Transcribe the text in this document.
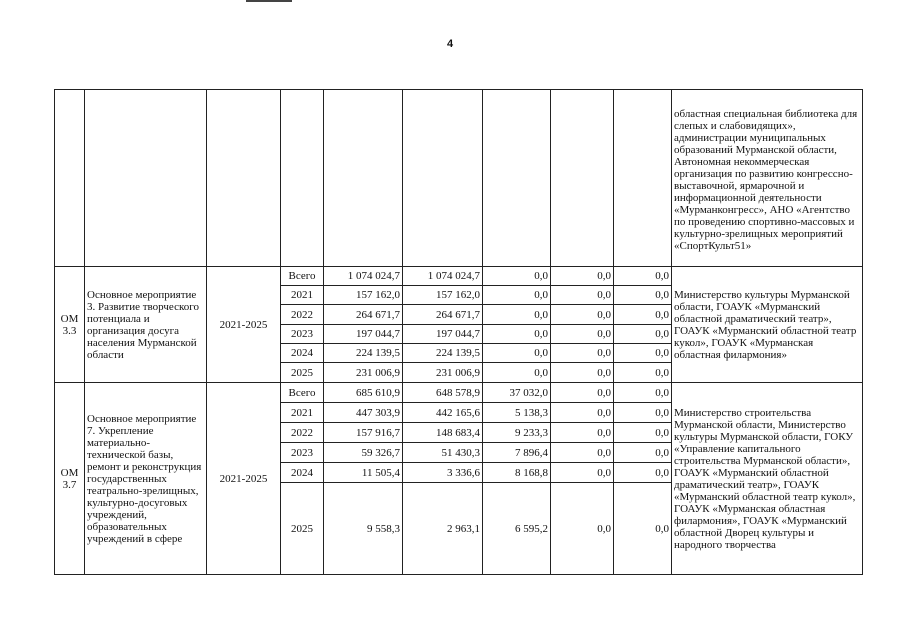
4
									областная специальная библиотека для слепых и слабовидящих», администрации муниципальных образований Мурманской области, Автономная некоммерческая организация по развитию конгрессно-выставочной, ярмарочной и информационной деятельности «Мурманконгресс», АНО «Агентство по проведению спортивно-массовых и культурно-зрелищных мероприятий «СпортКульт51»
ОМ 3.3	Основное мероприятие 3. Развитие творческого потенциала и организация досуга населения Мурманской области	2021-2025	Всего	1 074 024,7	1 074 024,7	0,0	0,0	0,0	Министерство культуры Мурманской области, ГОАУК «Мурманский областной драматический театр», ГОАУК «Мурманский областной театр кукол», ГОАУК «Мурманская областная филармония»
			2021	157 162,0	157 162,0	0,0	0,0	0,0	
			2022	264 671,7	264 671,7	0,0	0,0	0,0	
			2023	197 044,7	197 044,7	0,0	0,0	0,0	
			2024	224 139,5	224 139,5	0,0	0,0	0,0	
			2025	231 006,9	231 006,9	0,0	0,0	0,0	
ОМ 3.7	Основное мероприятие 7. Укрепление материально-технической базы, ремонт и реконструкция государственных театрально-зрелищных, культурно-досуговых учреждений, образовательных учреждений в сфере	2021-2025	Всего	685 610,9	648 578,9	37 032,0	0,0	0,0	Министерство строительства Мурманской области, Министерство культуры Мурманской области, ГОКУ «Управление капитального строительства Мурманской области», ГОАУК «Мурманский областной драматический театр», ГОАУК «Мурманский областной театр кукол», ГОАУК «Мурманская областная филармония», ГОАУК «Мурманский областной Дворец культуры и народного творчества
			2021	447 303,9	442 165,6	5 138,3	0,0	0,0	
			2022	157 916,7	148 683,4	9 233,3	0,0	0,0	
			2023	59 326,7	51 430,3	7 896,4	0,0	0,0	
			2024	11 505,4	3 336,6	8 168,8	0,0	0,0	
			2025	9 558,3	2 963,1	6 595,2	0,0	0,0	
